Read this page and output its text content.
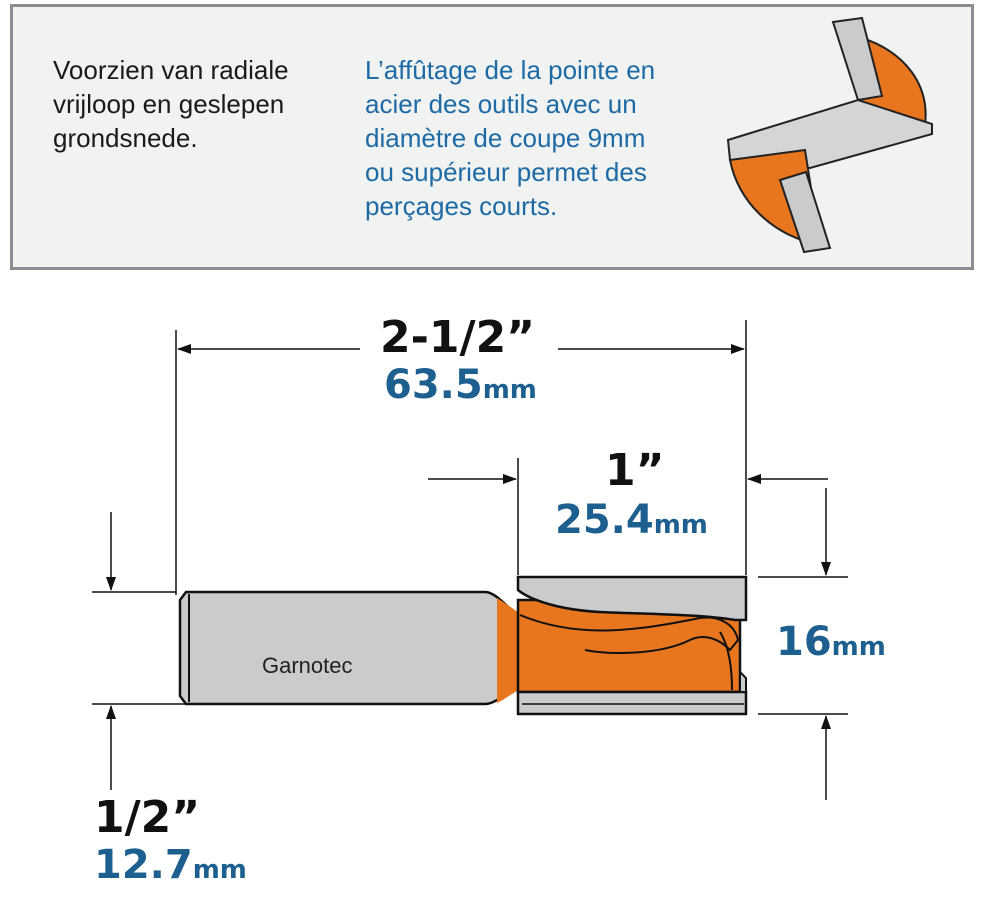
Voorzien van radiale
vrijloop en geslepen
grondsnede.
L’affûtage de la pointe en
acier des outils avec un
diamètre de coupe 9mm
ou supérieur permet des
perçages courts.
Garnotec
2-1/2”
63.5mm
1”
25.4mm
16mm
1/2”
12.7mm
